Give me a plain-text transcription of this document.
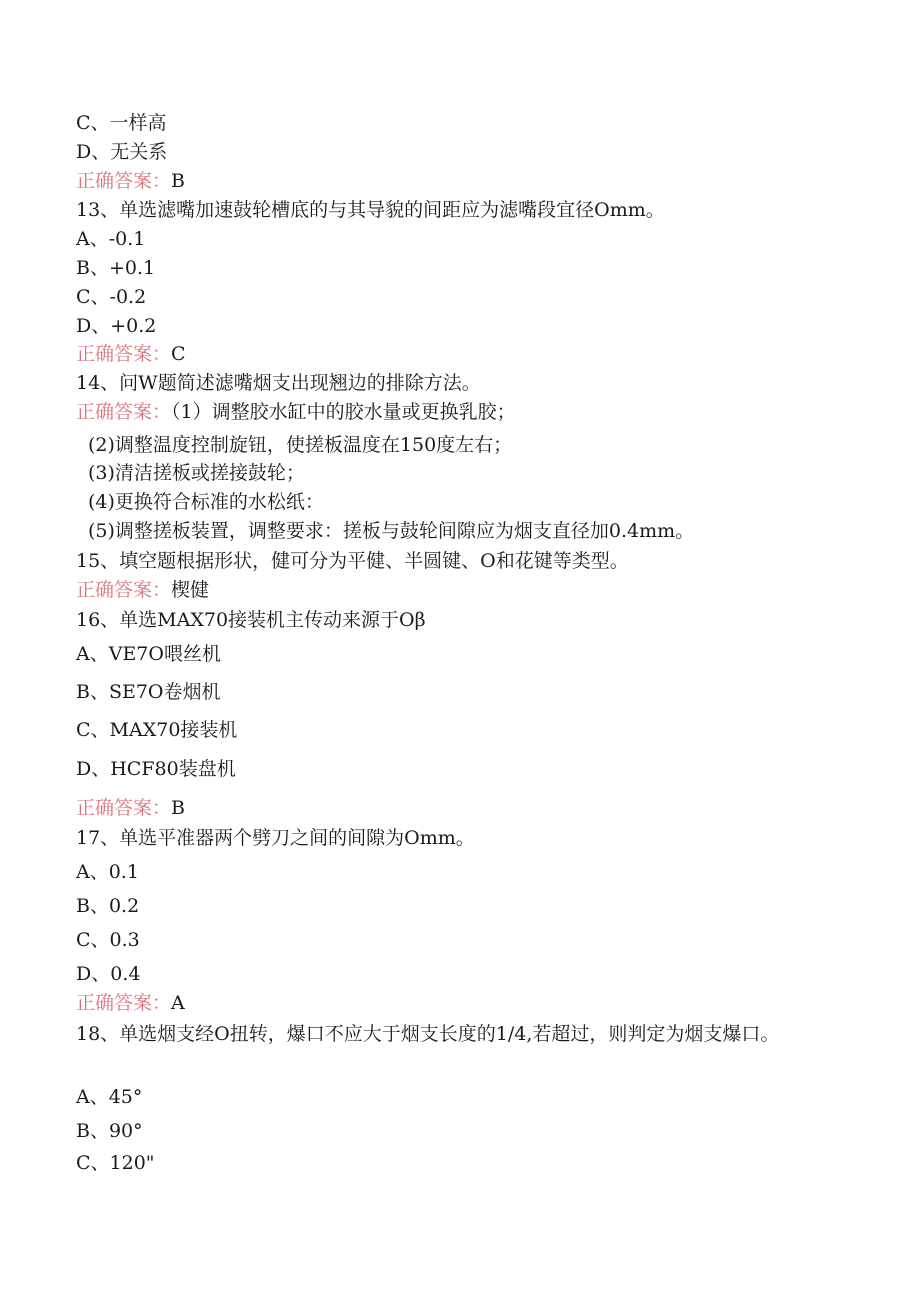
C、一样高
D、无关系
正确答案：B
13、单选滤嘴加速鼓轮槽底的与其导貌的间距应为滤嘴段宜径Omm。
A、-0.1
B、+0.1
C、-0.2
D、+0.2
正确答案：C
14、问W题简述滤嘴烟支出现翘边的排除方法。
正确答案：（1）调整胶水缸中的胶水量或更换乳胶；
(2)调整温度控制旋钮，使搓板温度在150度左右；
(3)清洁搓板或搓接鼓轮；
(4)更换符合标准的水松纸：
(5)调整搓板装置，调整要求：搓板与鼓轮间隙应为烟支直径加0.4mm。
15、填空题根据形状，健可分为平健、半圆键、O和花键等类型。
正确答案：楔健
16、单选MAX70接装机主传动来源于Oβ
A、VE7O喂丝机
B、SE7O卷烟机
C、MAX70接装机
D、HCF80装盘机
正确答案：B
17、单选平准器两个劈刀之间的间隙为Omm。
A、0.1
B、0.2
C、0.3
D、0.4
正确答案：A
18、单选烟支经O扭转，爆口不应大于烟支长度的1/4,若超过，则判定为烟支爆口。
A、45°
B、90°
C、120"
